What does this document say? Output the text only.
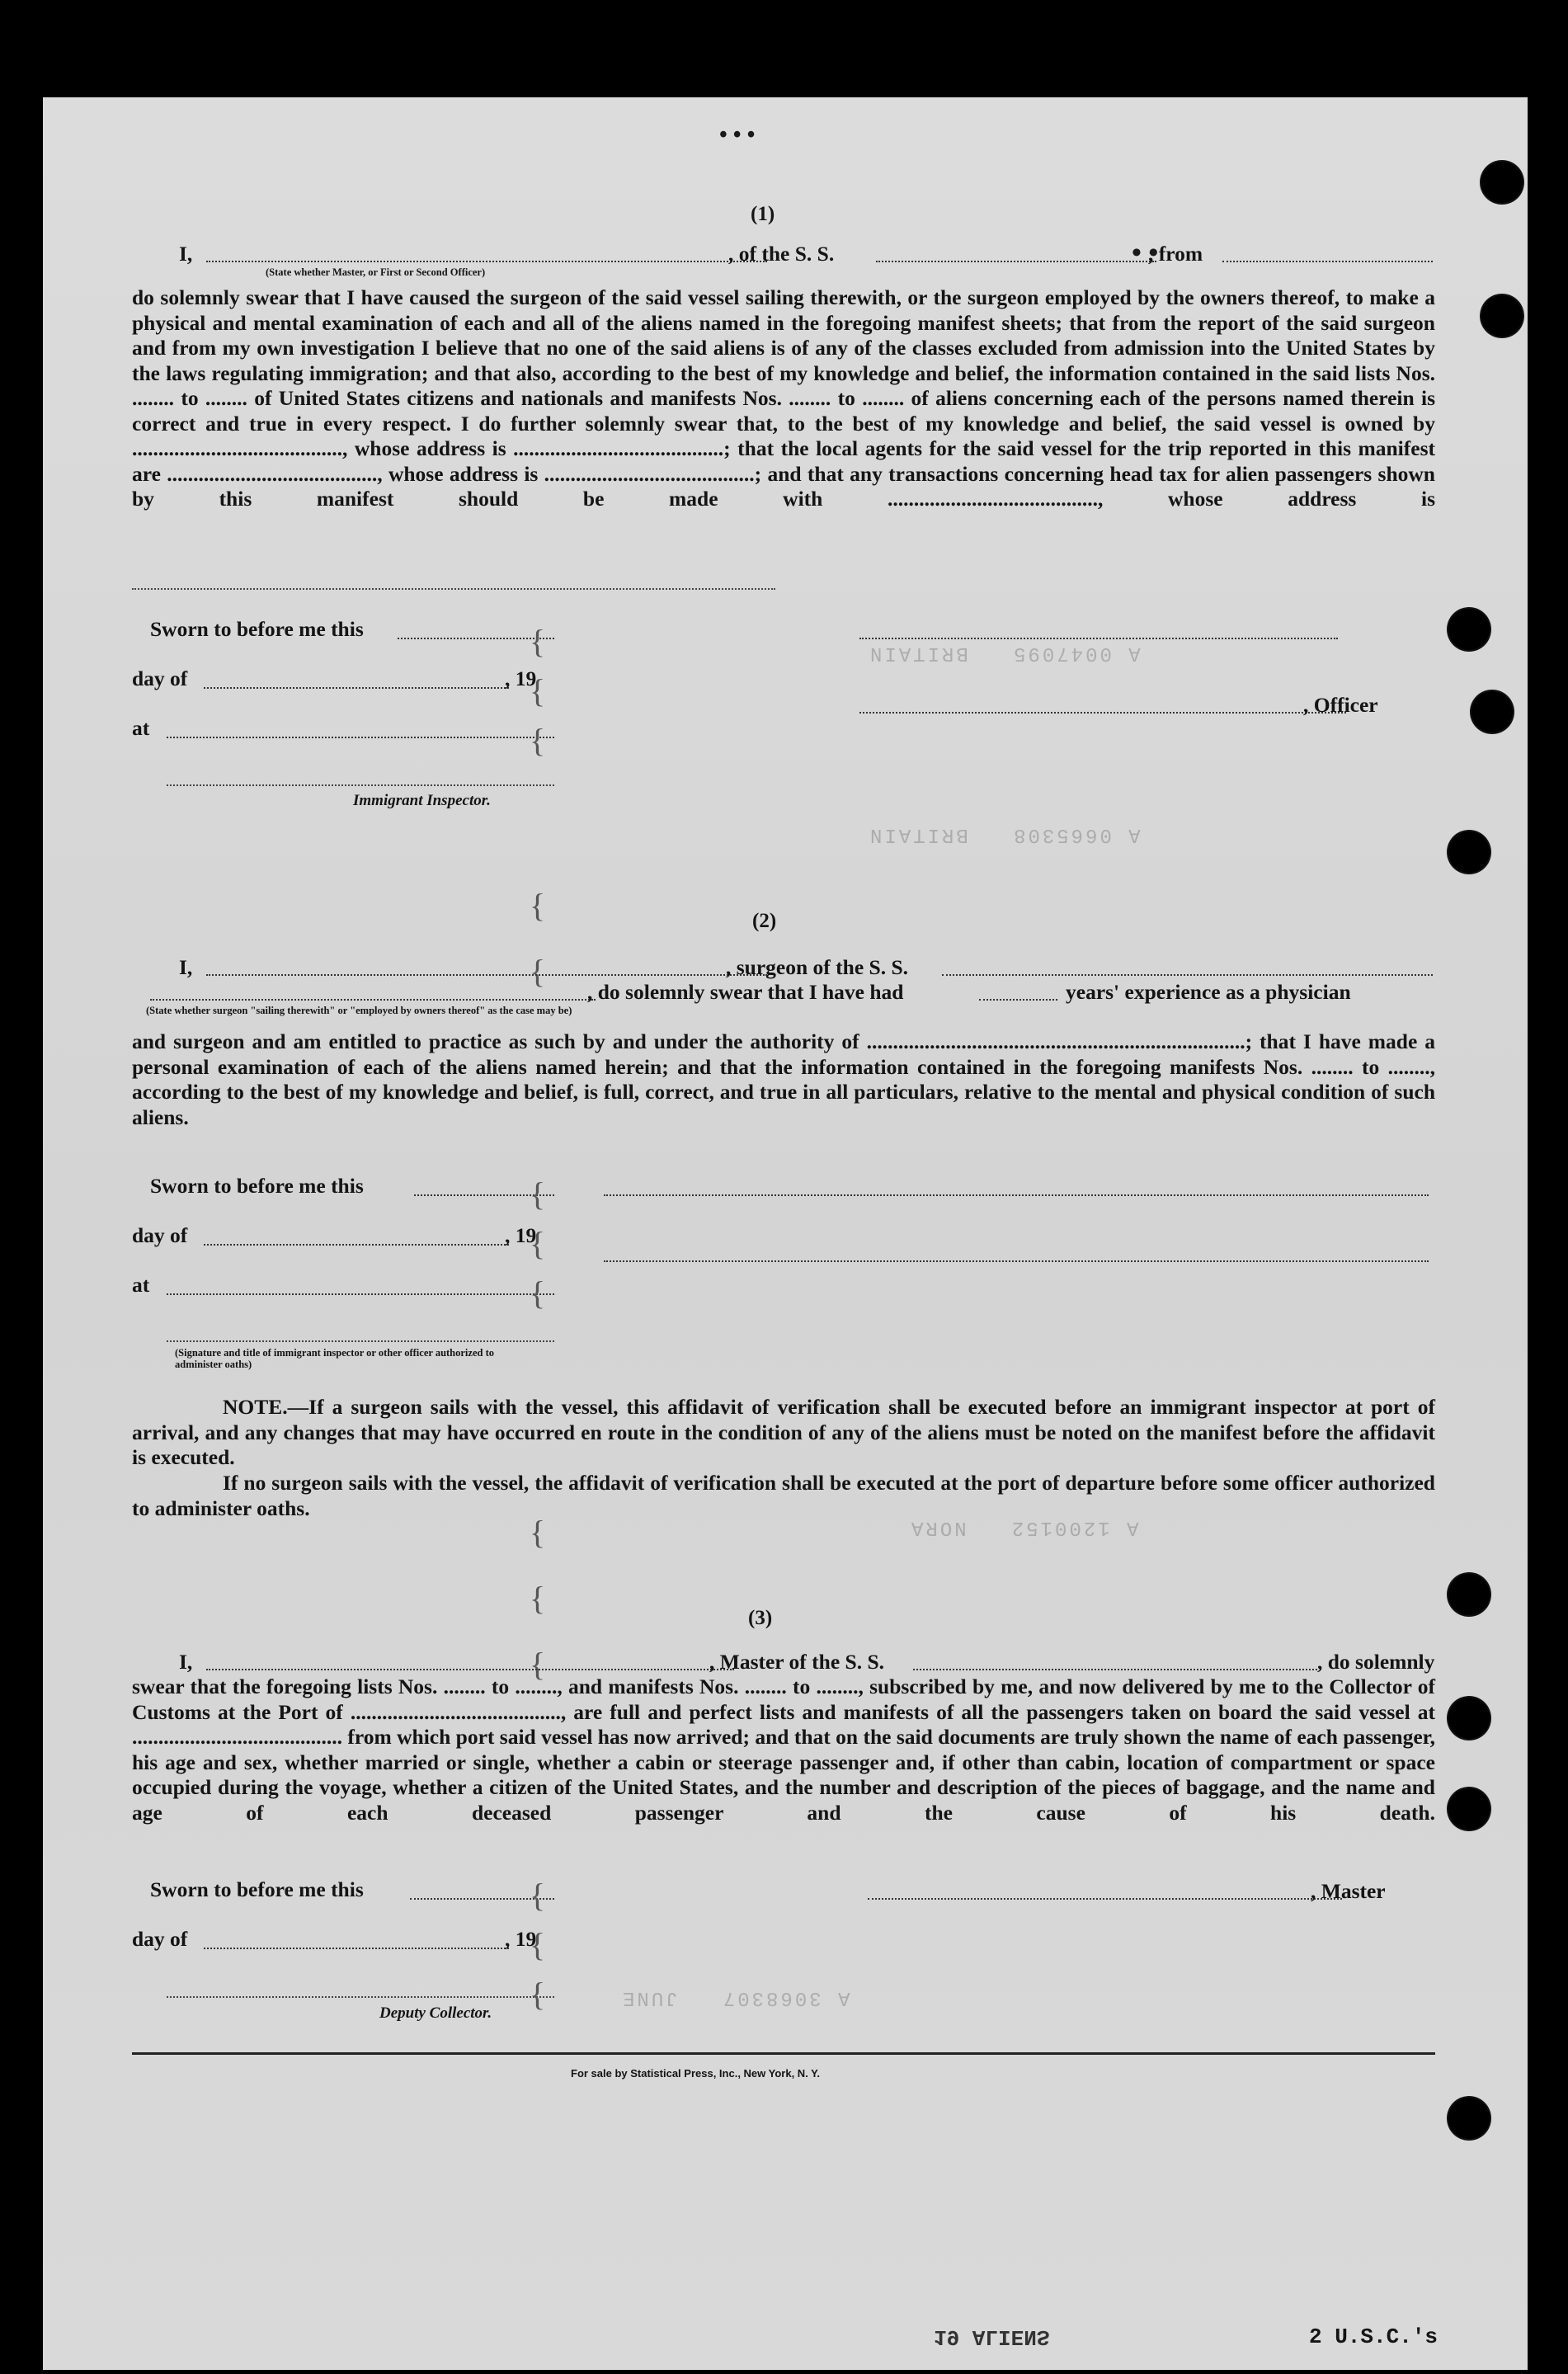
A 0047095   BRITAIN
A 0665308   BRITAIN
A 1200152   NORA
A 3068307   JUNE
• • •
• •
(1)
I,	, of the S. S.	, from
(State whether Master, or First or Second Officer)
do solemnly swear that I have caused the surgeon of the said vessel sailing therewith, or the surgeon employed by the owners thereof, to make a physical and mental examination of each and all of the aliens named in the foregoing manifest sheets; that from the report of the said surgeon and from my own investigation I believe that no one of the said aliens is of any of the classes excluded from admission into the United States by the laws regulating immigration; and that also, according to the best of my knowledge and belief, the information contained in the said lists Nos. ........ to ........ of United States citizens and nationals and manifests Nos. ........ to ........ of aliens concerning each of the persons named therein is correct and true in every respect. I do further solemnly swear that, to the best of my knowledge and belief, the said vessel is owned by ........................................, whose address is ........................................; that the local agents for the said vessel for the trip reported in this manifest are ........................................, whose address is ........................................; and that any transactions concerning head tax for alien passengers shown by this manifest should be made with ........................................, whose address is
Sworn to before me this
day of	, 19
at
Immigrant Inspector.
, Officer
{
{
{
{
{
(2)
I,	, surgeon of the S. S.
, do solemnly swear that I have had	years' experience as a physician
(State whether surgeon "sailing therewith" or "employed by owners thereof" as the case may be)
and surgeon and am entitled to practice as such by and under the authority of ........................................................................; that I have made a personal examination of each of the aliens named herein; and that the information contained in the foregoing manifests Nos. ........ to ........, according to the best of my knowledge and belief, is full, correct, and true in all particulars, relative to the mental and physical condition of such aliens.
Sworn to before me this
day of	, 19
at
(Signature and title of immigrant inspector or other officer authorized to administer oaths)
{
{
{
NOTE.—If a surgeon sails with the vessel, this affidavit of verification shall be executed before an immigrant inspector at port of arrival, and any changes that may have occurred en route in the condition of any of the aliens must be noted on the manifest before the affidavit is executed.
If no surgeon sails with the vessel, the affidavit of verification shall be executed at the port of departure before some officer authorized to administer oaths.
{
{
{
(3)
I,	, Master of the S. S.	, do solemnly
swear that the foregoing lists Nos. ........ to ........, and manifests Nos. ........ to ........, subscribed by me, and now delivered by me to the Collector of Customs at the Port of ........................................, are full and perfect lists and manifests of all the passengers taken on board the said vessel at ........................................ from which port said vessel has now arrived; and that on the said documents are truly shown the name of each passenger, his age and sex, whether married or single, whether a cabin or steerage passenger and, if other than cabin, location of compartment or space occupied during the voyage, whether a citizen of the United States, and the number and description of the pieces of baggage, and the name and age of each deceased passenger and the cause of his death.
Sworn to before me this
day of	, 19
Deputy Collector.
, Master
{
{
{
For sale by Statistical Press, Inc., New York, N. Y.
19 ALIENS	2 U.S.C.'s
